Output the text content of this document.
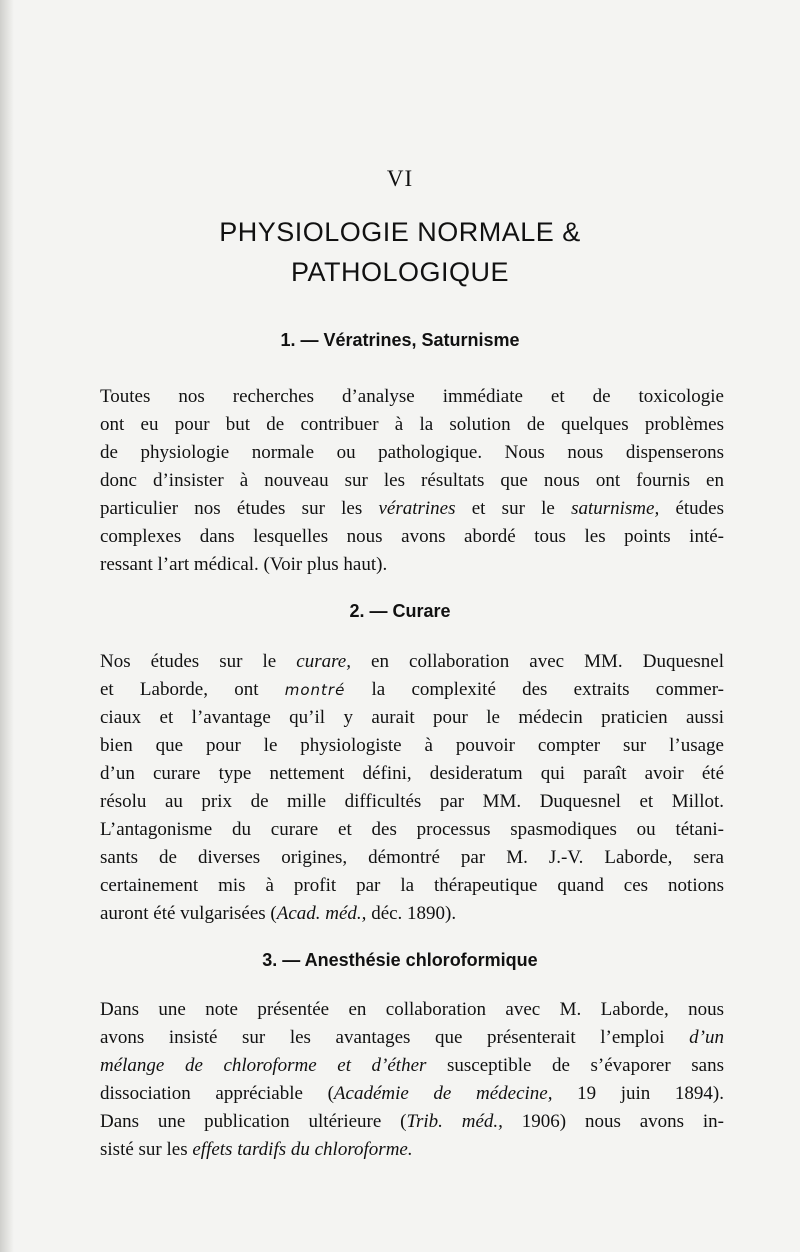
VI
PHYSIOLOGIE NORMALE &
PATHOLOGIQUE
1. — Vératrines, Saturnisme
Toutes nos recherches d’analyse immédiate et de toxicologie
ont eu pour but de contribuer à la solution de quelques problèmes
de physiologie normale ou pathologique. Nous nous dispenserons
donc d’insister à nouveau sur les résultats que nous ont fournis en
particulier nos études sur les vératrines et sur le saturnisme, études
complexes dans lesquelles nous avons abordé tous les points inté-
ressant l’art médical. (Voir plus haut).
2. — Curare
Nos études sur le curare, en collaboration avec MM. Duquesnel
et Laborde, ont montré la complexité des extraits commer-
ciaux et l’avantage qu’il y aurait pour le médecin praticien aussi
bien que pour le physiologiste à pouvoir compter sur l’usage
d’un curare type nettement défini, desideratum qui paraît avoir été
résolu au prix de mille difficultés par MM. Duquesnel et Millot.
L’antagonisme du curare et des processus spasmodiques ou tétani-
sants de diverses origines, démontré par M. J.-V. Laborde, sera
certainement mis à profit par la thérapeutique quand ces notions
auront été vulgarisées (Acad. méd., déc. 1890).
3. — Anesthésie chloroformique
Dans une note présentée en collaboration avec M. Laborde, nous
avons insisté sur les avantages que présenterait l’emploi d’un
mélange de chloroforme et d’éther susceptible de s’évaporer sans
dissociation appréciable (Académie de médecine, 19 juin 1894).
Dans une publication ultérieure (Trib. méd., 1906) nous avons in-
sisté sur les effets tardifs du chloroforme.
